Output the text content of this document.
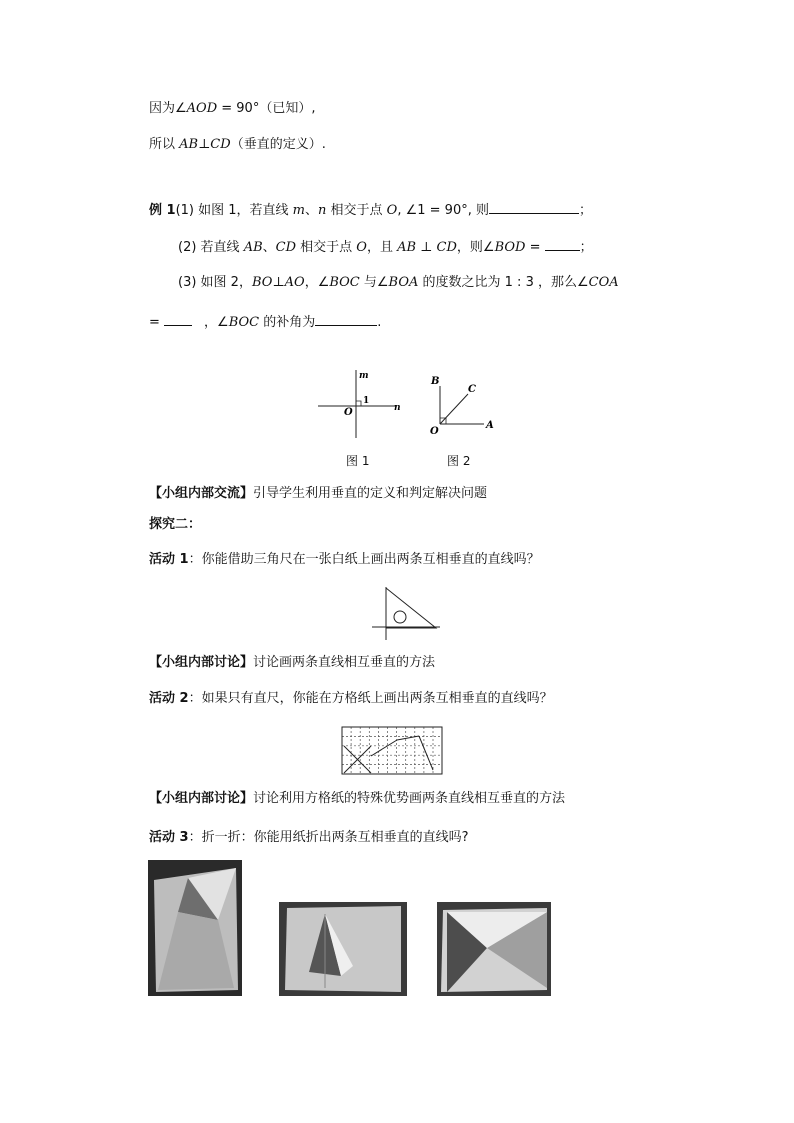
因为∠AOD = 90°（已知）,
所以 AB⊥CD（垂直的定义）.
例 1(1) 如图 1，若直线 m、n 相交于点 O, ∠1 = 90°, 则	；
(2) 若直线 AB、CD 相交于点 O，且 AB ⊥ CD，则∠BOD =	；
(3) 如图 2，BO⊥AO，∠BOC 与∠BOA 的度数之比为 1 : 3 ，那么∠COA
=	，∠BOC 的补角为	.
m
n
O
1
图 1
B
C
O
A
图 2
【小组内部交流】引导学生利用垂直的定义和判定解决问题
探究二：
活动 1：你能借助三角尺在一张白纸上画出两条互相垂直的直线吗？
【小组内部讨论】讨论画两条直线相互垂直的方法
活动 2：如果只有直尺，你能在方格纸上画出两条互相垂直的直线吗？
【小组内部讨论】讨论利用方格纸的特殊优势画两条直线相互垂直的方法
活动 3：折一折：你能用纸折出两条互相垂直的直线吗?
